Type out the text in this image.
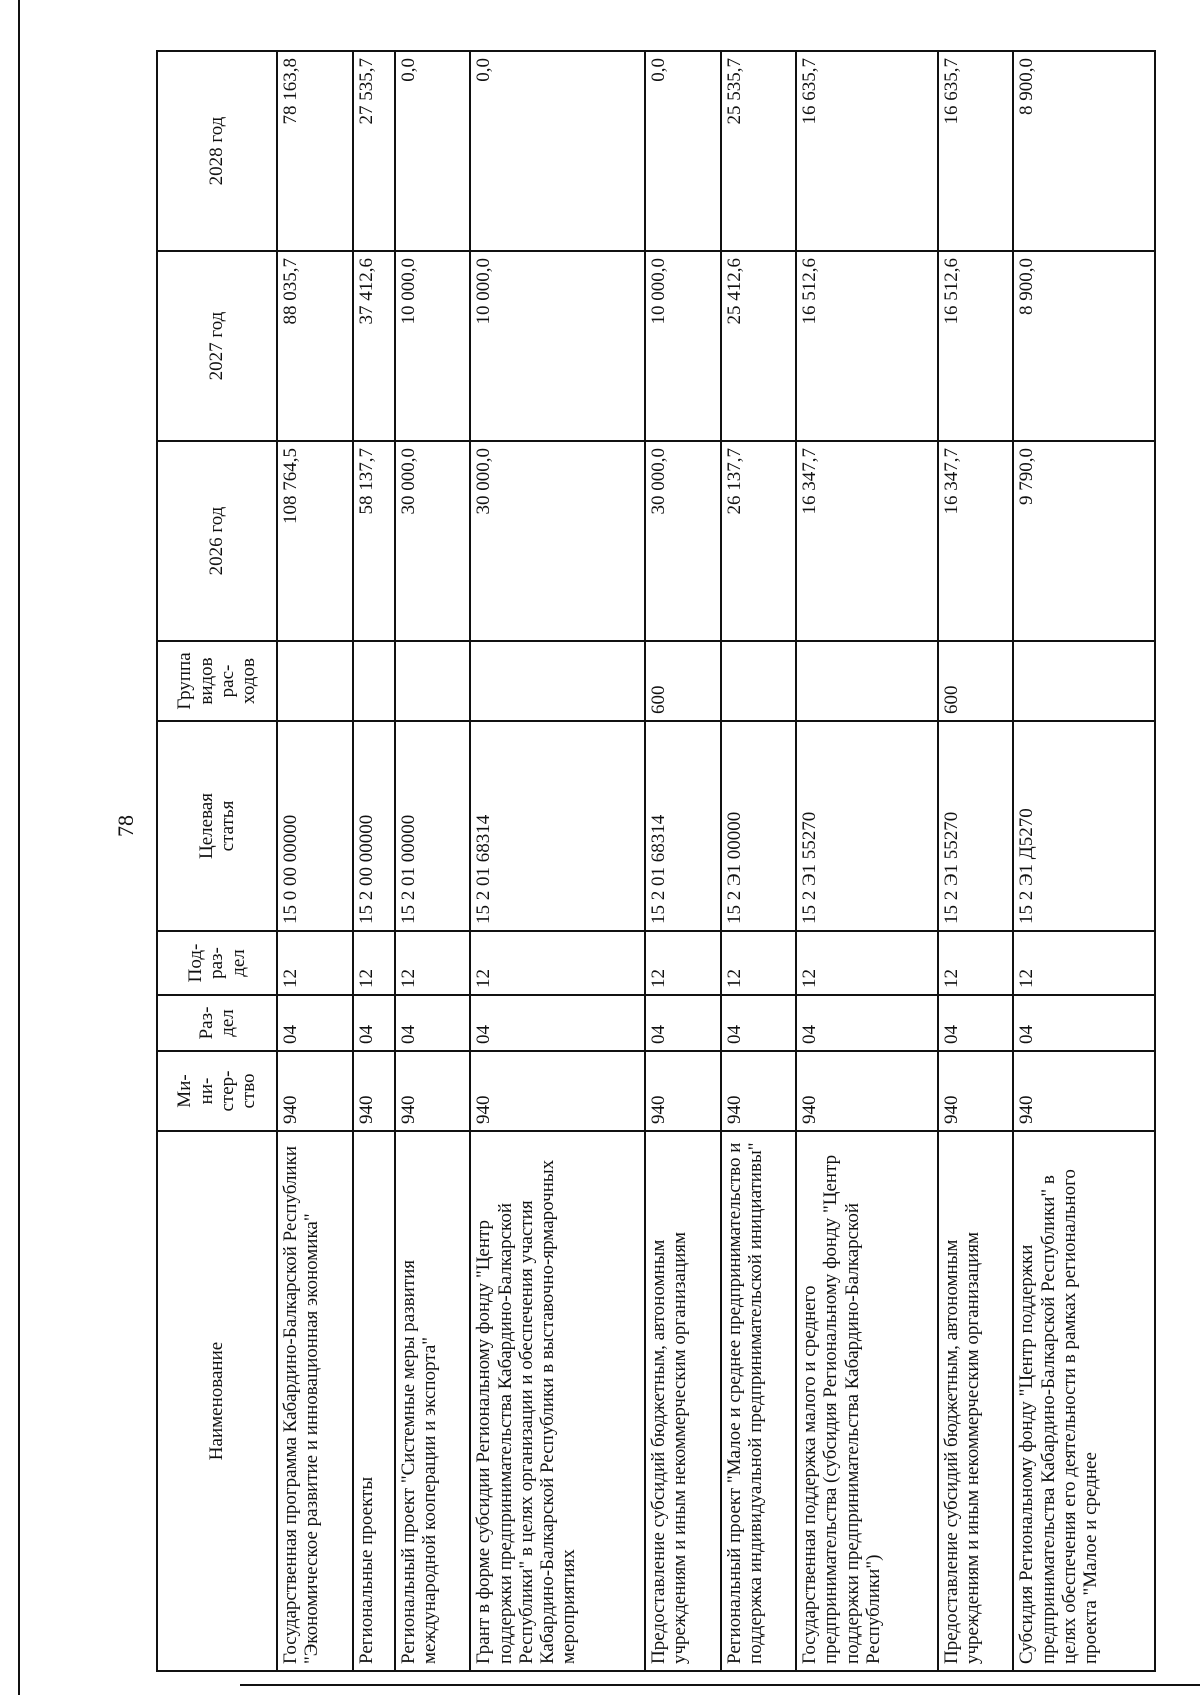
78
Наименование	Ми-
ни-
стер-
ство	Раз-
дел	Под-
раз-
дел	Целевая
статья	Группа
видов
рас-
ходов	2026 год	2027 год	2028 год
Государственная программа Кабардино-Балкарской Республики "Экономическое развитие и инновационная экономика"	940	04	12	15 0 00 00000		108 764,5	88 035,7	78 163,8
Региональные проекты	940	04	12	15 2 00 00000		58 137,7	37 412,6	27 535,7
Региональный проект "Системные меры развития международной кооперации и экспорта"	940	04	12	15 2 01 00000		30 000,0	10 000,0	0,0
Грант в форме субсидии Региональному фонду "Центр поддержки предпринимательства Кабардино-Балкарской Республики" в целях организации и обеспечения участия Кабардино-Балкарской Республики в выставочно-ярмарочных мероприятиях	940	04	12	15 2 01 68314		30 000,0	10 000,0	0,0
Предоставление субсидий бюджетным, автономным учреждениям и иным некоммерческим организациям	940	04	12	15 2 01 68314	600	30 000,0	10 000,0	0,0
Региональный проект "Малое и среднее предпринимательство и поддержка индивидуальной предпринимательской инициативы"	940	04	12	15 2 Э1 00000		26 137,7	25 412,6	25 535,7
Государственная поддержка малого и среднего предпринимательства (субсидия Региональному фонду "Центр поддержки предпринимательства Кабардино-Балкарской Республики")	940	04	12	15 2 Э1 55270		16 347,7	16 512,6	16 635,7
Предоставление субсидий бюджетным, автономным учреждениям и иным некоммерческим организациям	940	04	12	15 2 Э1 55270	600	16 347,7	16 512,6	16 635,7
Субсидия Региональному фонду "Центр поддержки предпринимательства Кабардино-Балкарской Республики" в целях обеспечения его деятельности в рамках регионального проекта "Малое и среднее	940	04	12	15 2 Э1 Д5270		9 790,0	8 900,0	8 900,0
